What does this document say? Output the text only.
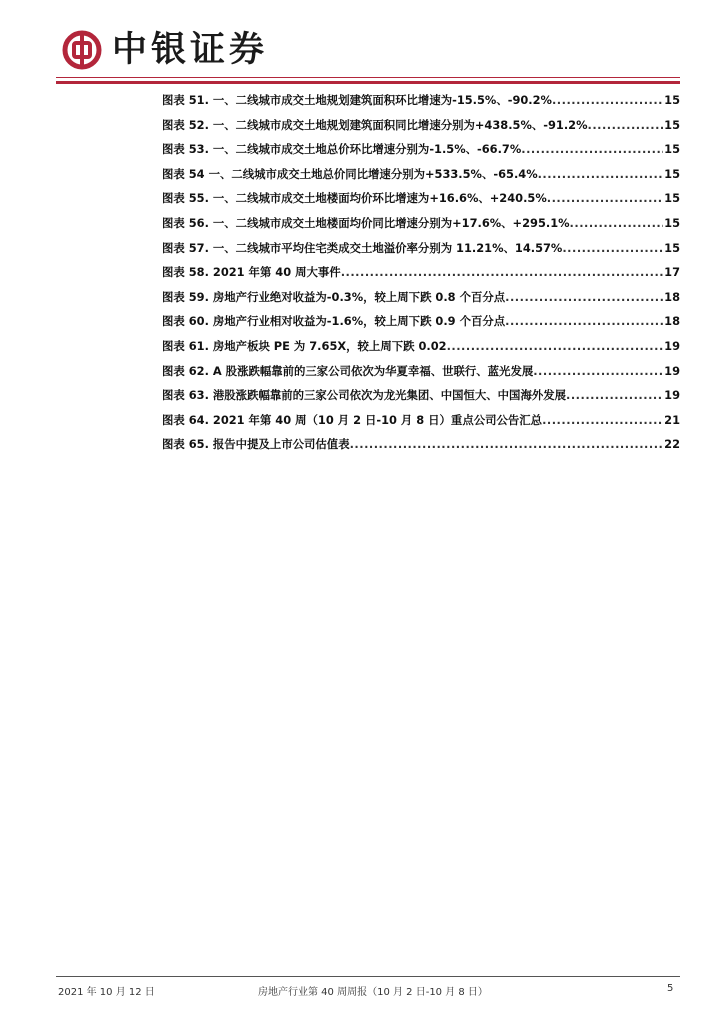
中银证券
图表 51. 一、二线城市成交土地规划建筑面积环比增速为-15.5%、-90.2% .....	15
图表 52. 一、二线城市成交土地规划建筑面积同比增速分别为+438.5%、-91.2% .....	15
图表 53. 一、二线城市成交土地总价环比增速分别为-1.5%、-66.7% .....	15
图表 54 一、二线城市成交土地总价同比增速分别为+533.5%、-65.4% .....	15
图表 55. 一、二线城市成交土地楼面均价环比增速为+16.6%、+240.5% .....	15
图表 56. 一、二线城市成交土地楼面均价同比增速分别为+17.6%、+295.1% .....	15
图表 57. 一、二线城市平均住宅类成交土地溢价率分别为 11.21%、14.57% .....	15
图表 58. 2021 年第 40 周大事件 .....	17
图表 59. 房地产行业绝对收益为-0.3%，较上周下跌 0.8 个百分点 .....	18
图表 60. 房地产行业相对收益为-1.6%，较上周下跌 0.9 个百分点 .....	18
图表 61. 房地产板块 PE 为 7.65X，较上周下跌 0.02 .....	19
图表 62. A 股涨跌幅靠前的三家公司依次为华夏幸福、世联行、蓝光发展 .....	19
图表 63. 港股涨跌幅靠前的三家公司依次为龙光集团、中国恒大、中国海外发展 .....	19
图表 64. 2021 年第 40 周（10 月 2 日-10 月 8 日）重点公司公告汇总 .....	21
图表 65. 报告中提及上市公司估值表 .....	22
2021 年 10 月 12 日	房地产行业第 40 周周报（10 月 2 日-10 月 8 日）	5
